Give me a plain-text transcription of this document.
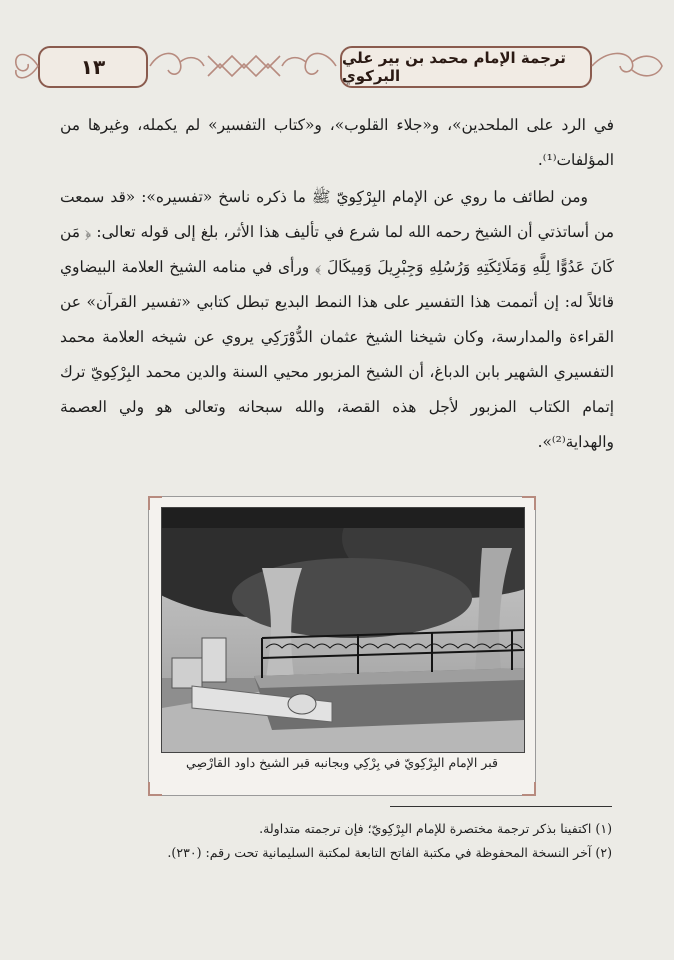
ترجمة الإمام محمد بن بير علي البركوي
١٣
في الرد على الملحدين»، و«جلاء القلوب»، و«كتاب التفسير» لم يكمله، وغيرها من المؤلفات⁽¹⁾.
ومن لطائف ما روي عن الإمام البِرْكِويّ ﷺ ما ذكره ناسخ «تفسيره»: «قد سمعت من أساتذتي أن الشيخ رحمه الله لما شرع في تأليف هذا الأثر، بلغ إلى قوله تعالى: ﴿ مَن كَانَ عَدُوًّا لِلَّهِ وَمَلَائِكَتِهِ وَرُسُلِهِ وَجِبْرِيلَ وَمِيكَالَ ﴾ ورأى في منامه الشيخ العلامة البيضاوي قائلاً له: إن أتممت هذا التفسير على هذا النمط البديع تبطل كتابي «تفسير القرآن» عن القراءة والمدارسة، وكان شيخنا الشيخ عثمان الدُّوْرَكِي يروي عن شيخه العلامة محمد التفسيري الشهير بابن الدباغ، أن الشيخ المزبور محيي السنة والدين محمد البِرْكِويّ ترك إتمام الكتاب المزبور لأجل هذه القصة، والله سبحانه وتعالى هو ولي العصمة والهداية⁽²⁾».
قبر الإمام البِرْكِويّ في بِرْكِي وبجانبه قبر الشيخ داود القارْصِي
(١) اكتفينا بذكر ترجمة مختصرة للإمام البِرْكِويّ؛ فإن ترجمته متداولة.
(٢) آخر النسخة المحفوظة في مكتبة الفاتح التابعة لمكتبة السليمانية تحت رقم: (٢٣٠).
